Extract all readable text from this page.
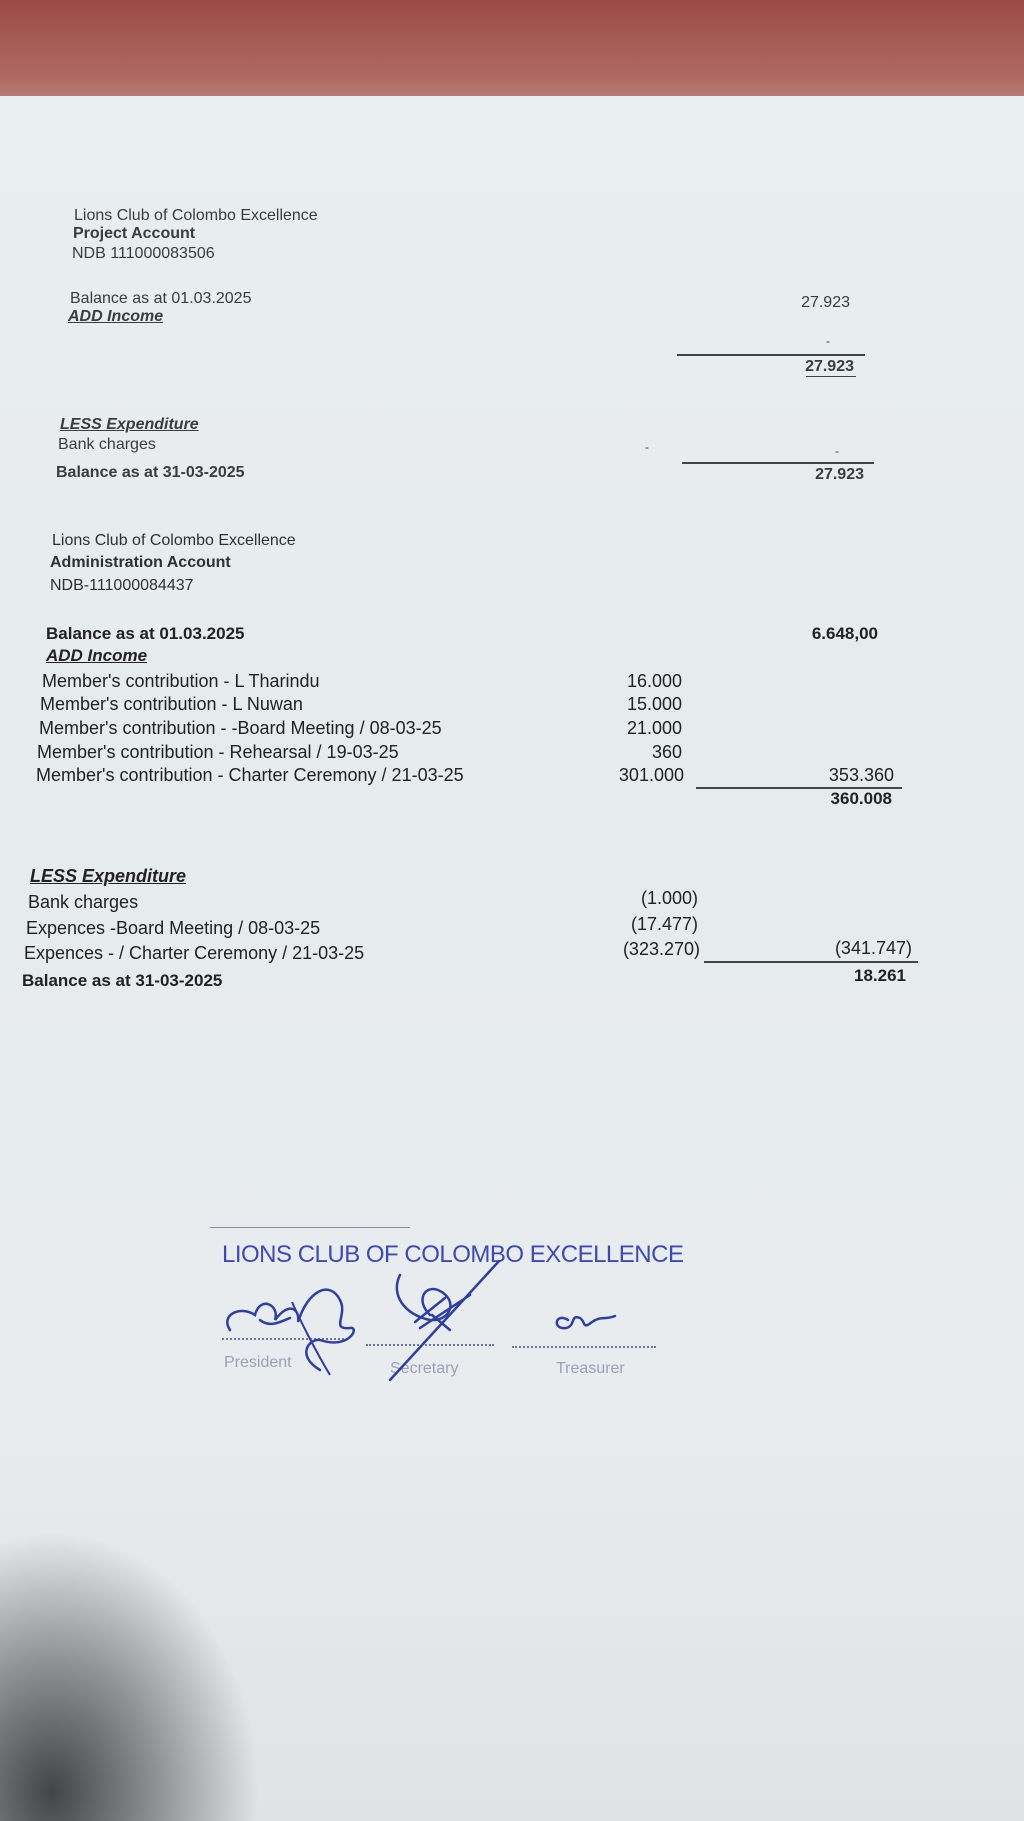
Lions Club of Colombo Excellence
Project Account
NDB 111000083506
Balance as at 01.03.2025	27.923
ADD Income
-
27.923
LESS Expenditure
Bank charges	-	-
Balance as at 31-03-2025	27.923
Lions Club of Colombo Excellence
Administration Account
NDB-111000084437
Balance as at 01.03.2025	6.648,00
ADD Income
Member's contribution - L Tharindu	16.000
Member's contribution - L Nuwan	15.000
Member's contribution - -Board Meeting / 08-03-25	21.000
Member's contribution - Rehearsal / 19-03-25	360
Member's contribution - Charter Ceremony / 21-03-25	301.000	353.360
360.008
LESS Expenditure
Bank charges	(1.000)
Expences -Board Meeting / 08-03-25	(17.477)
Expences - / Charter Ceremony / 21-03-25	(323.270)	(341.747)
Balance as at 31-03-2025	18.261
LIONS CLUB OF COLOMBO EXCELLENCE
President	Secretary	Treasurer
